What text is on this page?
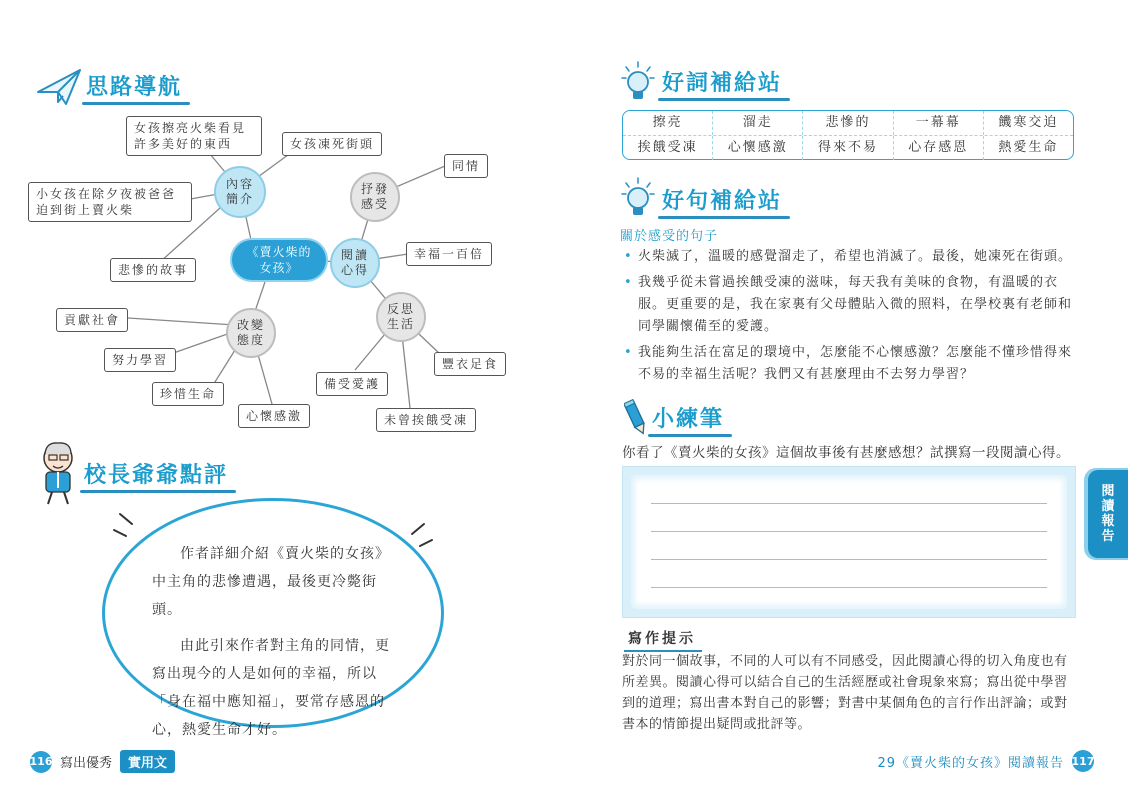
思路導航
內容簡介
抒發感受
閱讀心得
反思生活
改變態度
《賣火柴的女孩》
女孩擦亮火柴看見許多美好的東西	女孩凍死街頭
小女孩在除夕夜被爸爸迫到街上賣火柴
悲慘的故事
同情
幸福一百倍
豐衣足食
備受愛護
未曾挨餓受凍
貢獻社會
努力學習
珍惜生命
心懷感激
校長爺爺點評

作者詳細介紹《賣火柴的女孩》中主角的悲慘遭遇，最後更冷斃街頭。

由此引來作者對主角的同情，更寫出現今的人是如何的幸福，所以「身在福中應知福」，要常存感恩的心，熱愛生命才好。

116 寫出優秀	實用文
好詞補給站
擦亮	溜走	悲慘的	一幕幕	饑寒交迫
挨餓受凍	心懷感激	得來不易	心存感恩	熱愛生命
好句補給站
關於感受的句子
• 火柴滅了，溫暖的感覺溜走了，希望也消滅了。最後，她凍死在街頭。
• 我幾乎從未嘗過挨餓受凍的滋味，每天我有美味的食物，有溫暖的衣服。更重要的是，我在家裏有父母體貼入微的照料，在學校裏有老師和同學關懷備至的愛護。
• 我能夠生活在富足的環境中，怎麼能不心懷感激？怎麼能不懂珍惜得來不易的幸福生活呢？我們又有甚麼理由不去努力學習？
小練筆
你看了《賣火柴的女孩》這個故事後有甚麼感想？試撰寫一段閱讀心得。
寫作提示
對於同一個故事，不同的人可以有不同感受，因此閱讀心得的切入角度也有所差異。閱讀心得可以結合自己的生活經歷或社會現象來寫；寫出從中學習到的道理；寫出書本對自己的影響；對書中某個角色的言行作出評論；或對書本的情節提出疑問或批評等。
閱讀報告
29《賣火柴的女孩》閱讀報告 117
